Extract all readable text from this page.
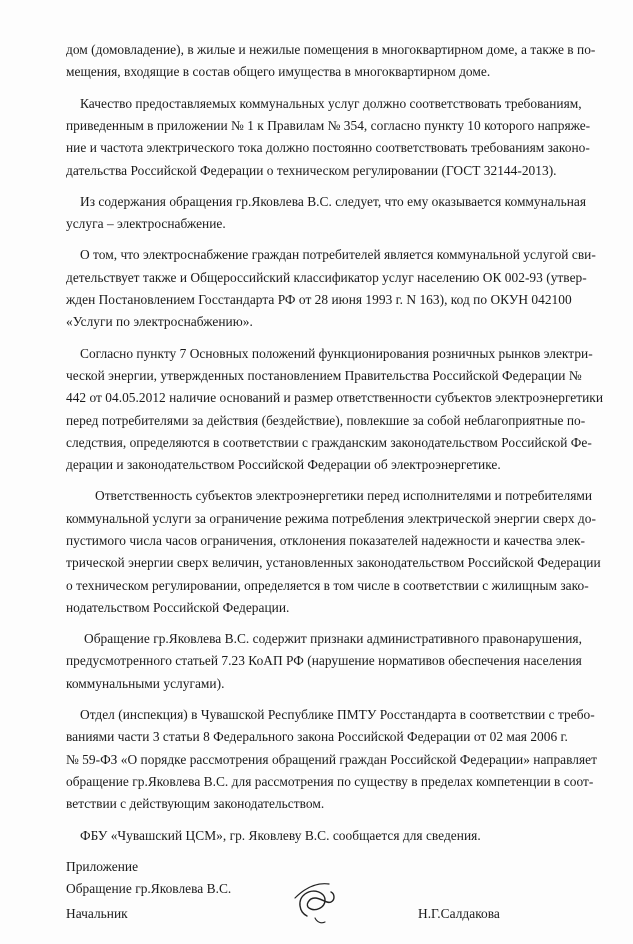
дом (домовладение), в жилые и нежилые помещения в многоквартирном доме, а также в по-
мещения, входящие в состав общего имущества в многоквартирном доме.
Качество предоставляемых коммунальных услуг должно соответствовать требованиям,
приведенным в приложении № 1 к Правилам № 354, согласно пункту 10 которого напряже-
ние и частота электрического тока должно постоянно соответствовать требованиям законо-
дательства Российской Федерации о техническом регулировании (ГОСТ 32144-2013).
Из содержания обращения гр.Яковлева В.С. следует, что ему оказывается коммунальная
услуга – электроснабжение.
О том, что электроснабжение граждан потребителей является коммунальной услугой сви-
детельствует также и Общероссийский классификатор услуг населению ОК 002-93 (утвер-
жден Постановлением Госстандарта РФ от 28 июня 1993 г. N 163), код по ОКУН 042100
«Услуги по электроснабжению».
Согласно пункту 7 Основных положений функционирования розничных рынков электри-
ческой энергии, утвержденных постановлением Правительства Российской Федерации №
442 от 04.05.2012 наличие оснований и размер ответственности субъектов электроэнергетики
перед потребителями за действия (бездействие), повлекшие за собой неблагоприятные по-
следствия, определяются в соответствии с гражданским законодательством Российской Фе-
дерации и законодательством Российской Федерации об электроэнергетике.
Ответственность субъектов электроэнергетики перед исполнителями и потребителями
коммунальной услуги за ограничение режима потребления электрической энергии сверх до-
пустимого числа часов ограничения, отклонения показателей надежности и качества элек-
трической энергии сверх величин, установленных законодательством Российской Федерации
о техническом регулировании, определяется в том числе в соответствии с жилищным зако-
нодательством Российской Федерации.
Обращение гр.Яковлева В.С. содержит признаки административного правонарушения,
предусмотренного статьей 7.23 КоАП РФ (нарушение нормативов обеспечения населения
коммунальными услугами).
Отдел (инспекция) в Чувашской Республике ПМТУ Росстандарта в соответствии с требо-
ваниями части 3 статьи 8 Федерального закона Российской Федерации от 02 мая 2006 г.
№ 59-ФЗ «О порядке рассмотрения обращений граждан Российской Федерации» направляет
обращение гр.Яковлева В.С. для рассмотрения по существу в пределах компетенции в соот-
ветствии с действующим законодательством.
ФБУ «Чувашский ЦСМ», гр. Яковлеву В.С. сообщается для сведения.
Приложение
Обращение гр.Яковлева В.С.
Начальник	Н.Г.Салдакова
